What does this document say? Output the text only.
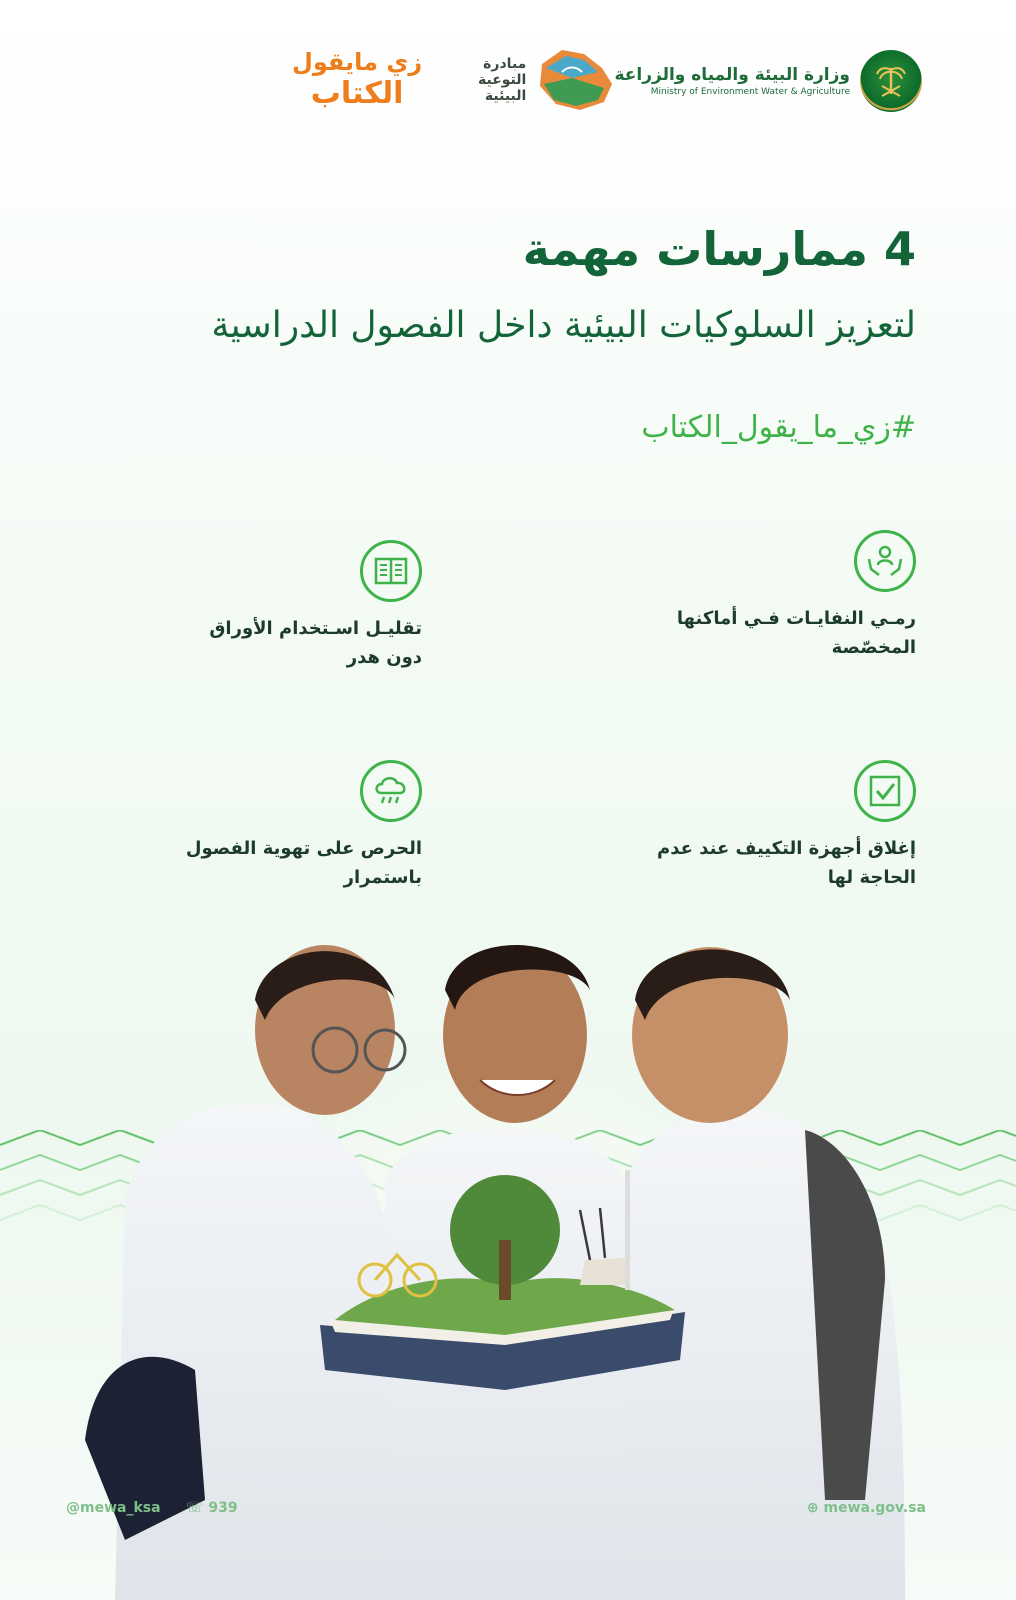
وزارة البيئة والمياه والزراعة
Ministry of Environment Water & Agriculture
مبادرة
التوعية
البيئية
زي مايقول
الكتاب
4 ممارسات مهمة
لتعزيز السلوكيات البيئية داخل الفصول الدراسية
#زي_ما_يقول_الكتاب
رمـي النفايـات فـي أماكنها
المخصّصة
تقليـل اسـتخدام الأوراق
دون هدر
إغلاق أجهزة التكييف عند عدم
الحاجة لها
الحرص على تهوية الفصول
باستمرار
@mewa_ksa ☏ 939	⊕ mewa.gov.sa
